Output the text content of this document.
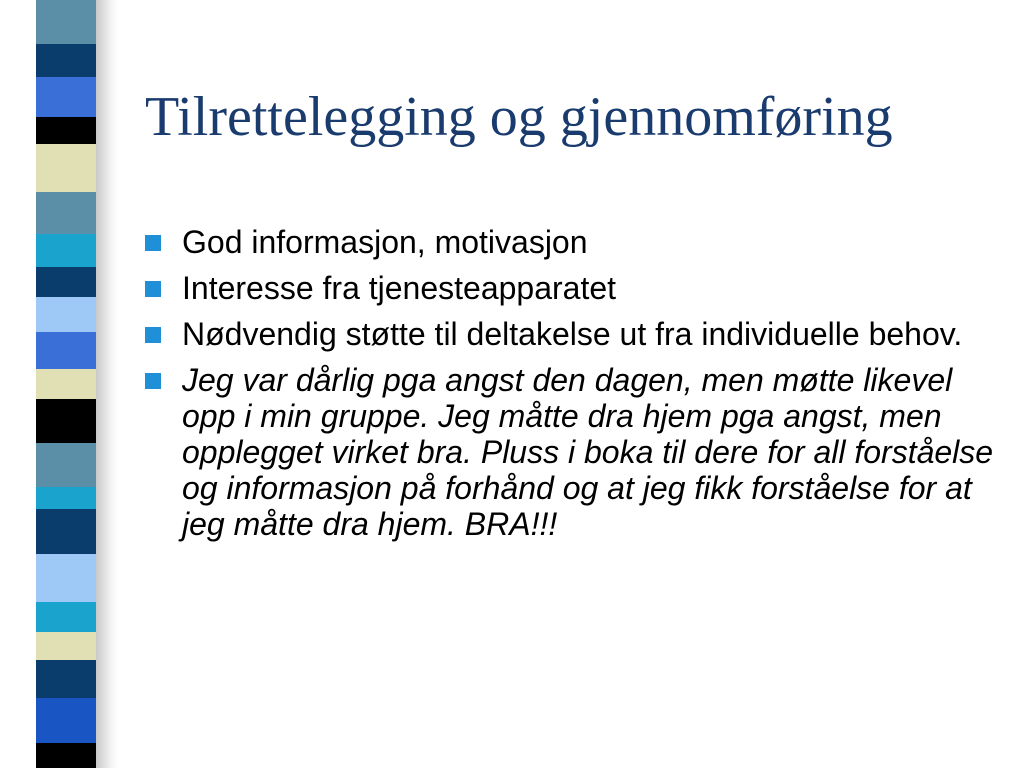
Tilrettelegging og gjennomføring
God informasjon, motivasjon
Interesse fra tjenesteapparatet
Nødvendig støtte til deltakelse ut fra individuelle behov.
Jeg var dårlig pga angst den dagen, men møtte likevel opp i min gruppe. Jeg måtte dra hjem pga angst, men opplegget virket bra. Pluss i boka til dere for all forståelse og informasjon på forhånd og at jeg fikk forståelse for at jeg måtte dra hjem. BRA!!!
